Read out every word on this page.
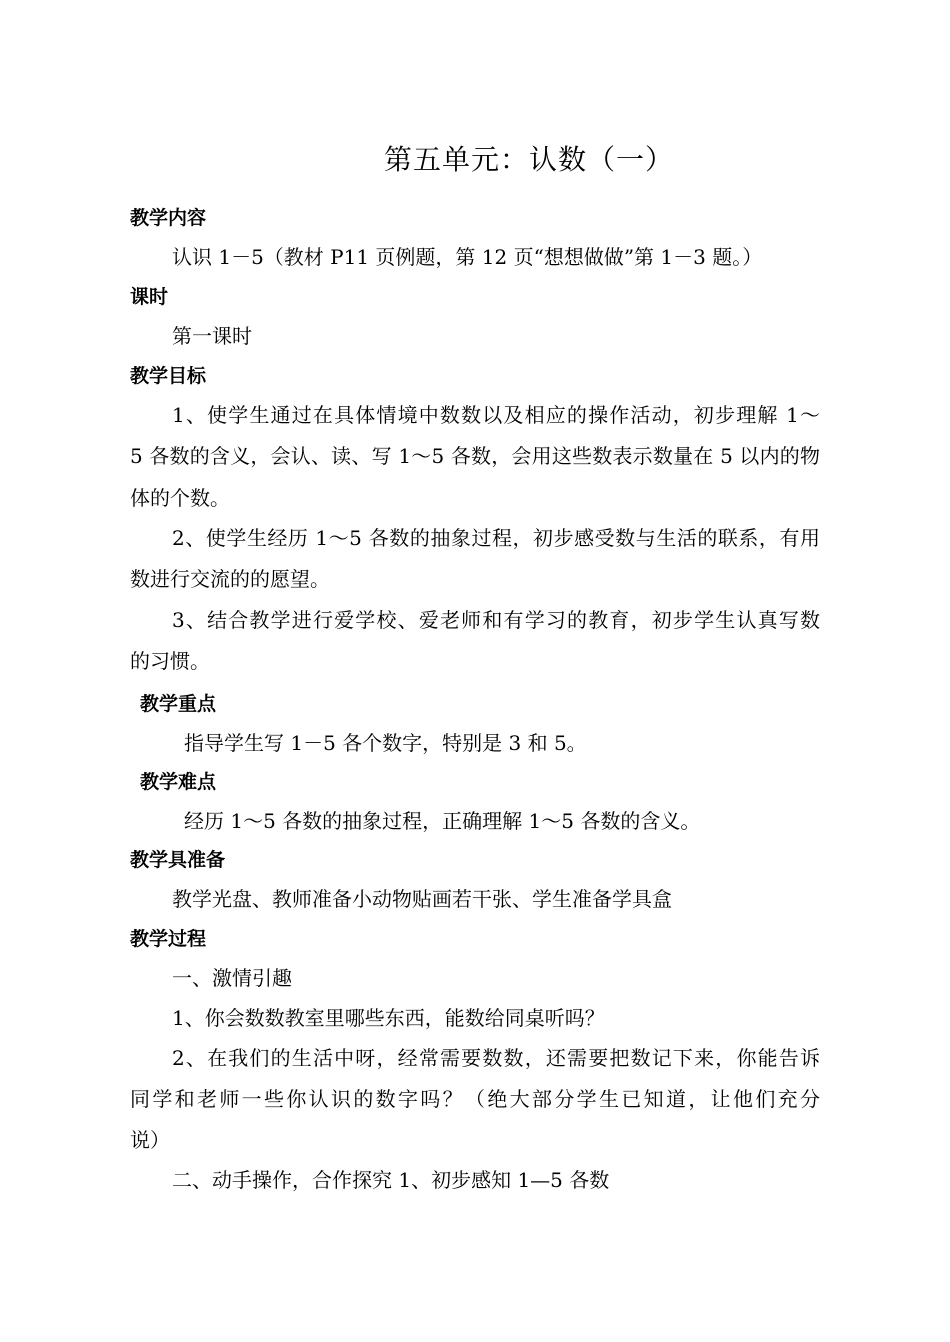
第五单元：认数（一）
教学内容
认识 1－5（教材 P11 页例题，第 12 页“想想做做”第 1－3 题。）
课时
第一课时
教学目标
1、使学生通过在具体情境中数数以及相应的操作活动，初步理解 1～
5 各数的含义，会认、读、写 1～5 各数，会用这些数表示数量在 5 以内的物
体的个数。
2、使学生经历 1～5 各数的抽象过程，初步感受数与生活的联系，有用
数进行交流的的愿望。
3、结合教学进行爱学校、爱老师和有学习的教育，初步学生认真写数
的习惯。
教学重点
指导学生写 1－5 各个数字，特别是 3 和 5。
教学难点
经历 1～5 各数的抽象过程，正确理解 1～5 各数的含义。
教学具准备
教学光盘、教师准备小动物贴画若干张、学生准备学具盒
教学过程
一、激情引趣
1、你会数数教室里哪些东西，能数给同桌听吗？
2、在我们的生活中呀，经常需要数数，还需要把数记下来，你能告诉
同学和老师一些你认识的数字吗？（绝大部分学生已知道，让他们充分
说）
二、动手操作，合作探究 1、初步感知 1—5 各数
